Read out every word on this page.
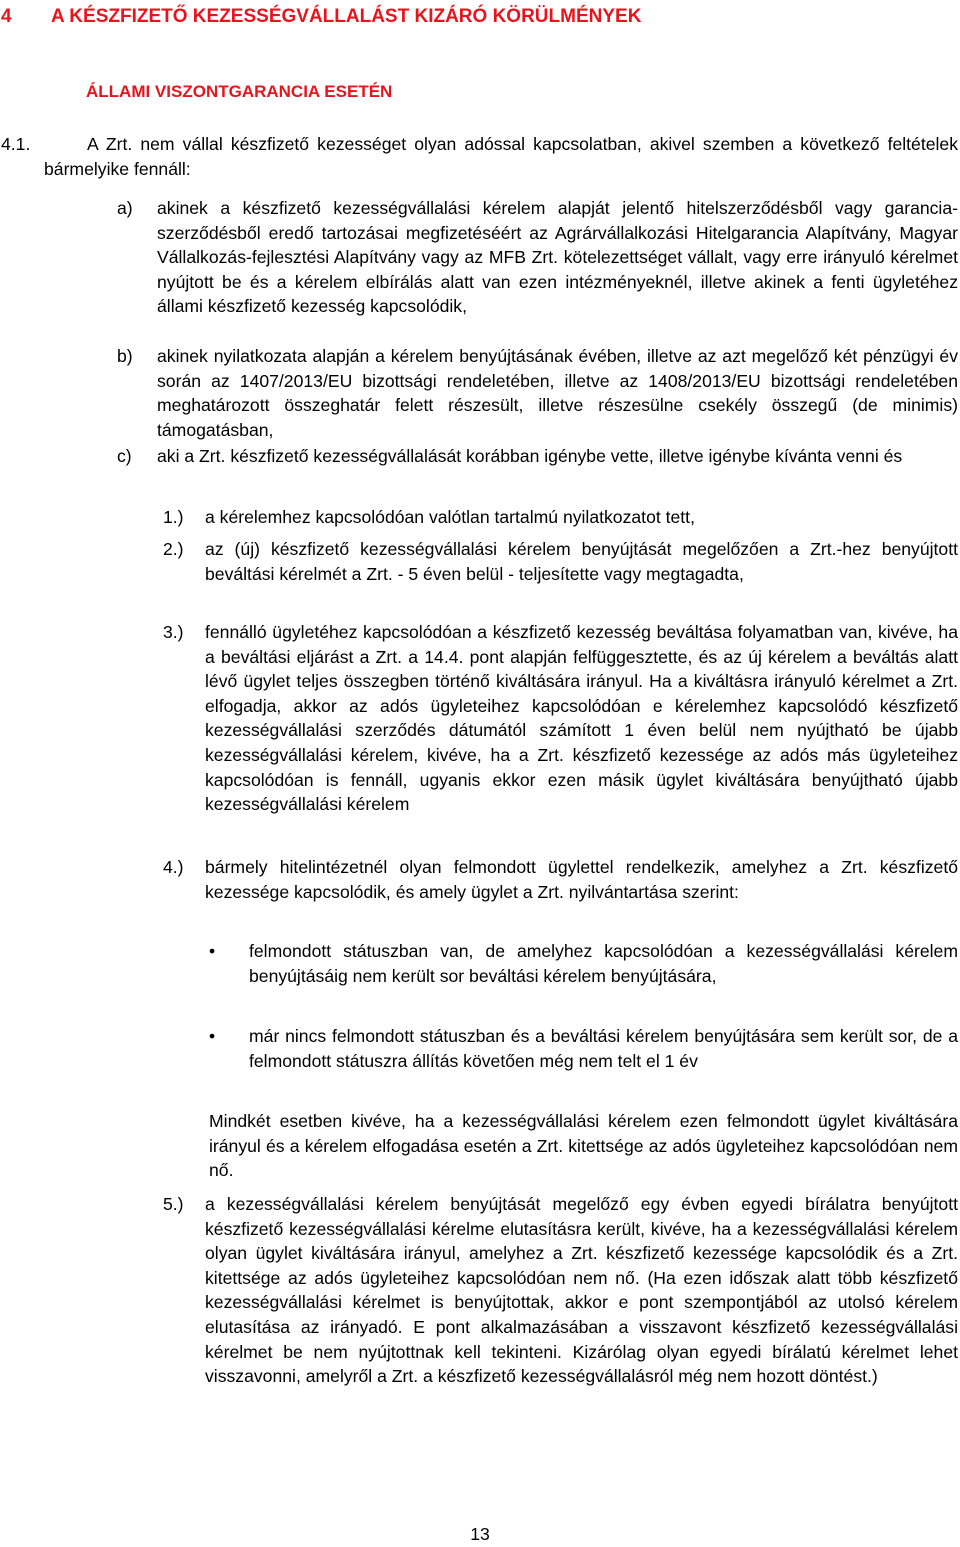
4 A KÉSZFIZETŐ KEZESSÉGVÁLLALÁST KIZÁRÓ KÖRÜLMÉNYEK
ÁLLAMI VISZONTGARANCIA ESETÉN
4.1.	A Zrt. nem vállal készfizető kezességet olyan adóssal kapcsolatban, akivel szemben a következő feltételek bármelyike fennáll:
a) akinek a készfizető kezességvállalási kérelem alapját jelentő hitelszerződésből vagy garancia-szerződésből eredő tartozásai megfizetéséért az Agrárvállalkozási Hitelgarancia Alapítvány, Magyar Vállalkozás-fejlesztési Alapítvány vagy az MFB Zrt. kötelezettséget vállalt, vagy erre irányuló kérelmet nyújtott be és a kérelem elbírálás alatt van ezen intézményeknél, illetve akinek a fenti ügyletéhez állami készfizető kezesség kapcsolódik,
b) akinek nyilatkozata alapján a kérelem benyújtásának évében, illetve az azt megelőző két pénzügyi év során az 1407/2013/EU bizottsági rendeletében, illetve az 1408/2013/EU bizottsági rendeletében meghatározott összeghatár felett részesült, illetve részesülne csekély összegű (de minimis) támogatásban,
c) aki a Zrt. készfizető kezességvállalását korábban igénybe vette, illetve igénybe kívánta venni és
1.) a kérelemhez kapcsolódóan valótlan tartalmú nyilatkozatot tett,
2.) az (új) készfizető kezességvállalási kérelem benyújtását megelőzően a Zrt.-hez benyújtott beváltási kérelmét a Zrt. - 5 éven belül - teljesítette vagy megtagadta,
3.) fennálló ügyletéhez kapcsolódóan a készfizető kezesség beváltása folyamatban van, kivéve, ha a beváltási eljárást a Zrt. a 14.4. pont alapján felfüggesztette, és az új kérelem a beváltás alatt lévő ügylet teljes összegben történő kiváltására irányul. Ha a kiváltásra irányuló kérelmet a Zrt. elfogadja, akkor az adós ügyleteihez kapcsolódóan e kérelemhez kapcsolódó készfizető kezességvállalási szerződés dátumától számított 1 éven belül nem nyújtható be újabb kezességvállalási kérelem, kivéve, ha a Zrt. készfizető kezessége az adós más ügyleteihez kapcsolódóan is fennáll, ugyanis ekkor ezen másik ügylet kiváltására benyújtható újabb kezességvállalási kérelem
4.) bármely hitelintézetnél olyan felmondott ügylettel rendelkezik, amelyhez a Zrt. készfizető kezessége kapcsolódik, és amely ügylet a Zrt. nyilvántartása szerint:
• felmondott státuszban van, de amelyhez kapcsolódóan a kezességvállalási kérelem benyújtásáig nem került sor beváltási kérelem benyújtására,
• már nincs felmondott státuszban és a beváltási kérelem benyújtására sem került sor, de a felmondott státuszra állítás követően még nem telt el 1 év
Mindkét esetben kivéve, ha a kezességvállalási kérelem ezen felmondott ügylet kiváltására irányul és a kérelem elfogadása esetén a Zrt. kitettsége az adós ügyleteihez kapcsolódóan nem nő.
5.) a kezességvállalási kérelem benyújtását megelőző egy évben egyedi bírálatra benyújtott készfizető kezességvállalási kérelme elutasításra került, kivéve, ha a kezességvállalási kérelem olyan ügylet kiváltására irányul, amelyhez a Zrt. készfizető kezessége kapcsolódik és a Zrt. kitettsége az adós ügyleteihez kapcsolódóan nem nő. (Ha ezen időszak alatt több készfizető kezességvállalási kérelmet is benyújtottak, akkor e pont szempontjából az utolsó kérelem elutasítása az irányadó. E pont alkalmazásában a visszavont készfizető kezességvállalási kérelmet be nem nyújtottnak kell tekinteni. Kizárólag olyan egyedi bírálatú kérelmet lehet visszavonni, amelyről a Zrt. a készfizető kezességvállalásról még nem hozott döntést.)
13
